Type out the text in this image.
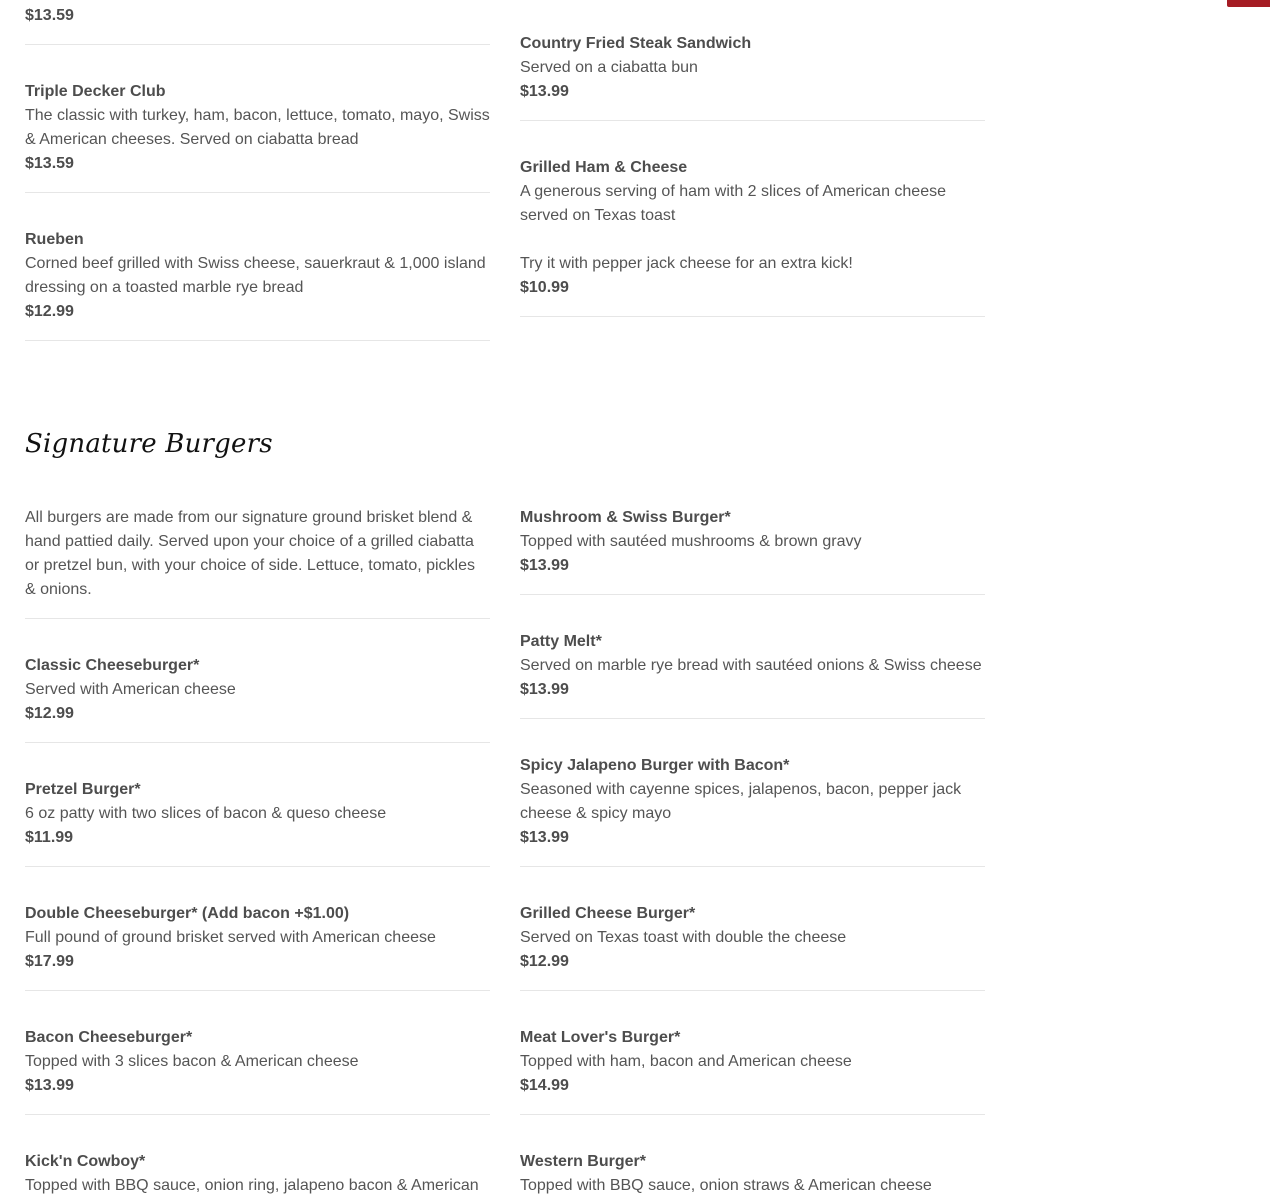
$13.59
Triple Decker Club
The classic with turkey, ham, bacon, lettuce, tomato, mayo, Swiss & American cheeses. Served on ciabatta bread
$13.59
Rueben
Corned beef grilled with Swiss cheese, sauerkraut & 1,000 island dressing on a toasted marble rye bread
$12.99
All burgers are made from our signature ground brisket blend & hand pattied daily. Served upon your choice of a grilled ciabatta or pretzel bun, with your choice of side. Lettuce, tomato, pickles & onions.
Classic Cheeseburger*
Served with American cheese
$12.99
Pretzel Burger*
6 oz patty with two slices of bacon & queso cheese
$11.99
Double Cheeseburger* (Add bacon +$1.00)
Full pound of ground brisket served with American cheese
$17.99
Bacon Cheeseburger*
Topped with 3 slices bacon & American cheese
$13.99
Kick'n Cowboy*
Topped with BBQ sauce, onion ring, jalapeno bacon & American
Signature Burgers
Country Fried Steak Sandwich
Served on a ciabatta bun
$13.99
Grilled Ham & Cheese
A generous serving of ham with 2 slices of American cheese served on Texas toast
Try it with pepper jack cheese for an extra kick!
$10.99
Mushroom & Swiss Burger*
Topped with sautéed mushrooms & brown gravy
$13.99
Patty Melt*
Served on marble rye bread with sautéed onions & Swiss cheese
$13.99
Spicy Jalapeno Burger with Bacon*
Seasoned with cayenne spices, jalapenos, bacon, pepper jack cheese & spicy mayo
$13.99
Grilled Cheese Burger*
Served on Texas toast with double the cheese
$12.99
Meat Lover's Burger*
Topped with ham, bacon and American cheese
$14.99
Western Burger*
Topped with BBQ sauce, onion straws & American cheese
